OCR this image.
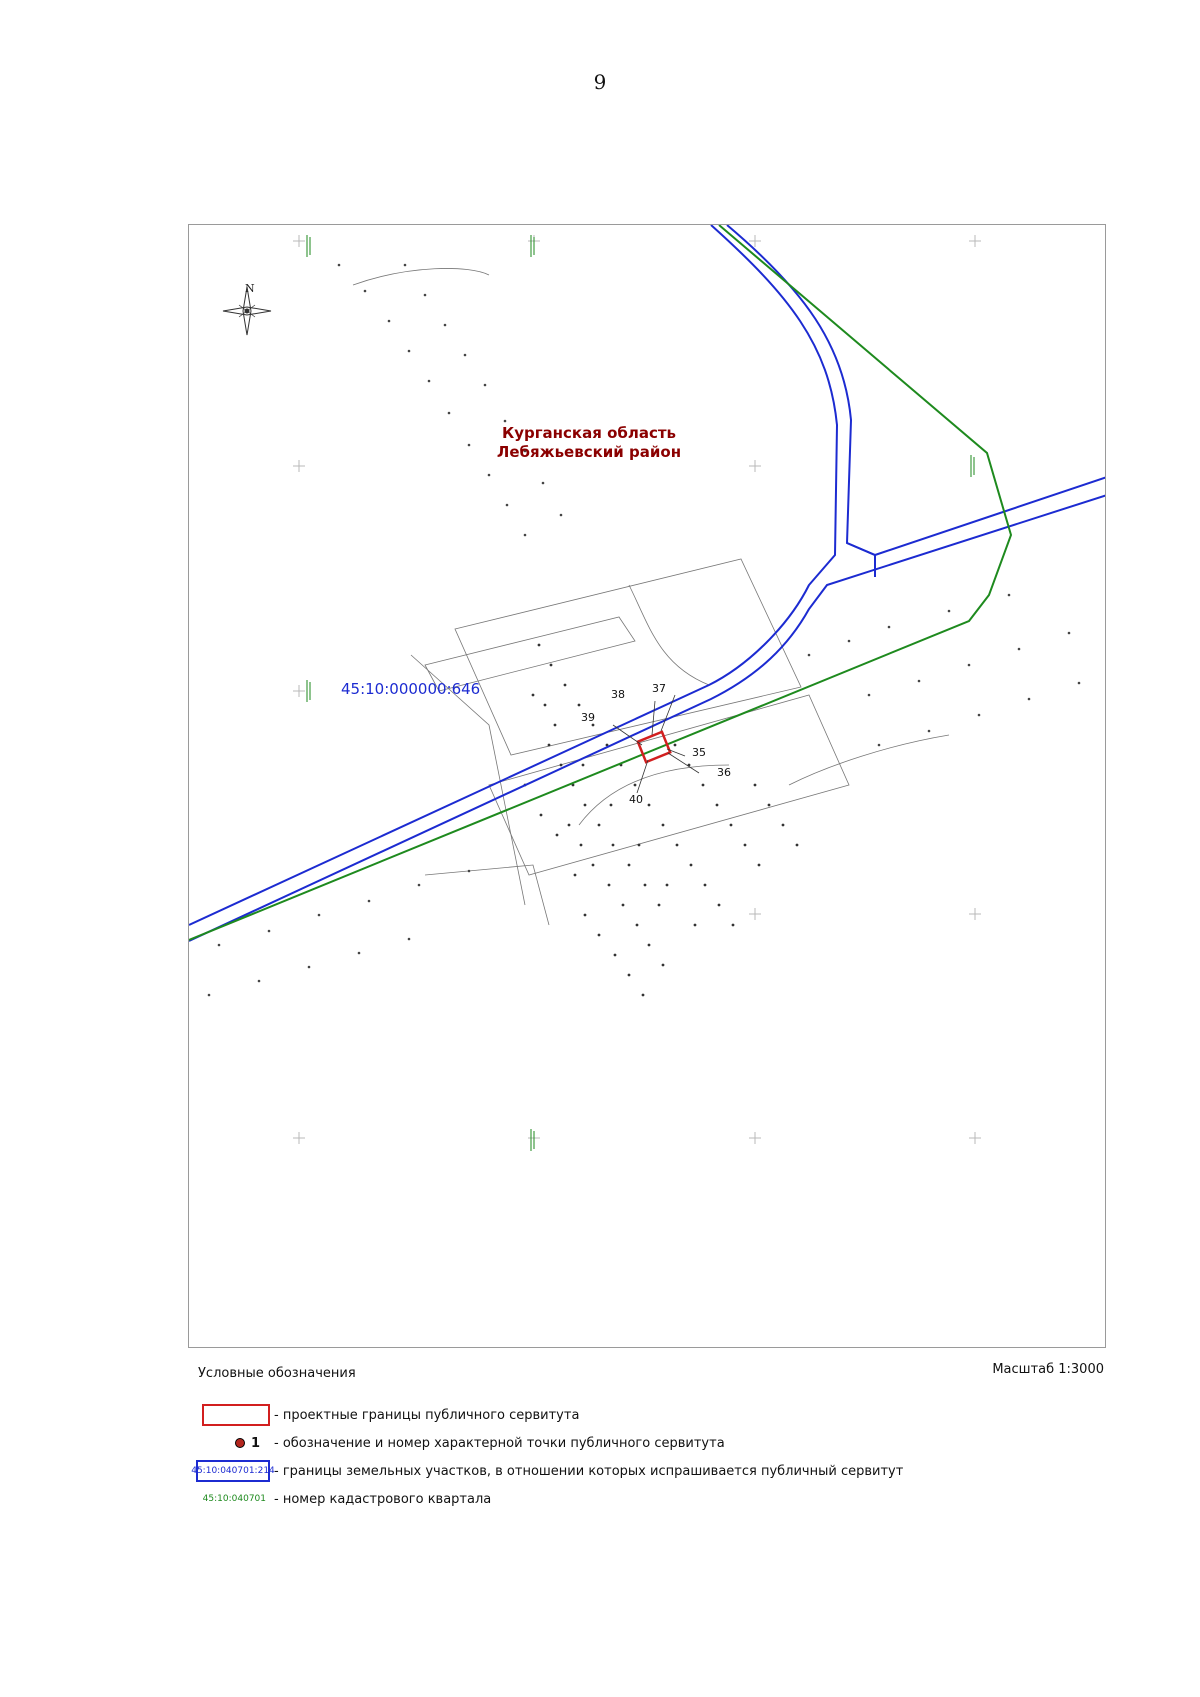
9
N
Курганская область
Лебяжьевский район
45:10:000000:646	37
38
39
35
36
40
Масштаб 1:3000
Условные обозначения
- проектные границы публичного сервитута
1 - обозначение и номер характерной точки публичного сервитута
45:10:040701:214 - границы земельных участков, в отношении которых испрашивается публичный сервитут
45:10:040701 - номер кадастрового квартала
